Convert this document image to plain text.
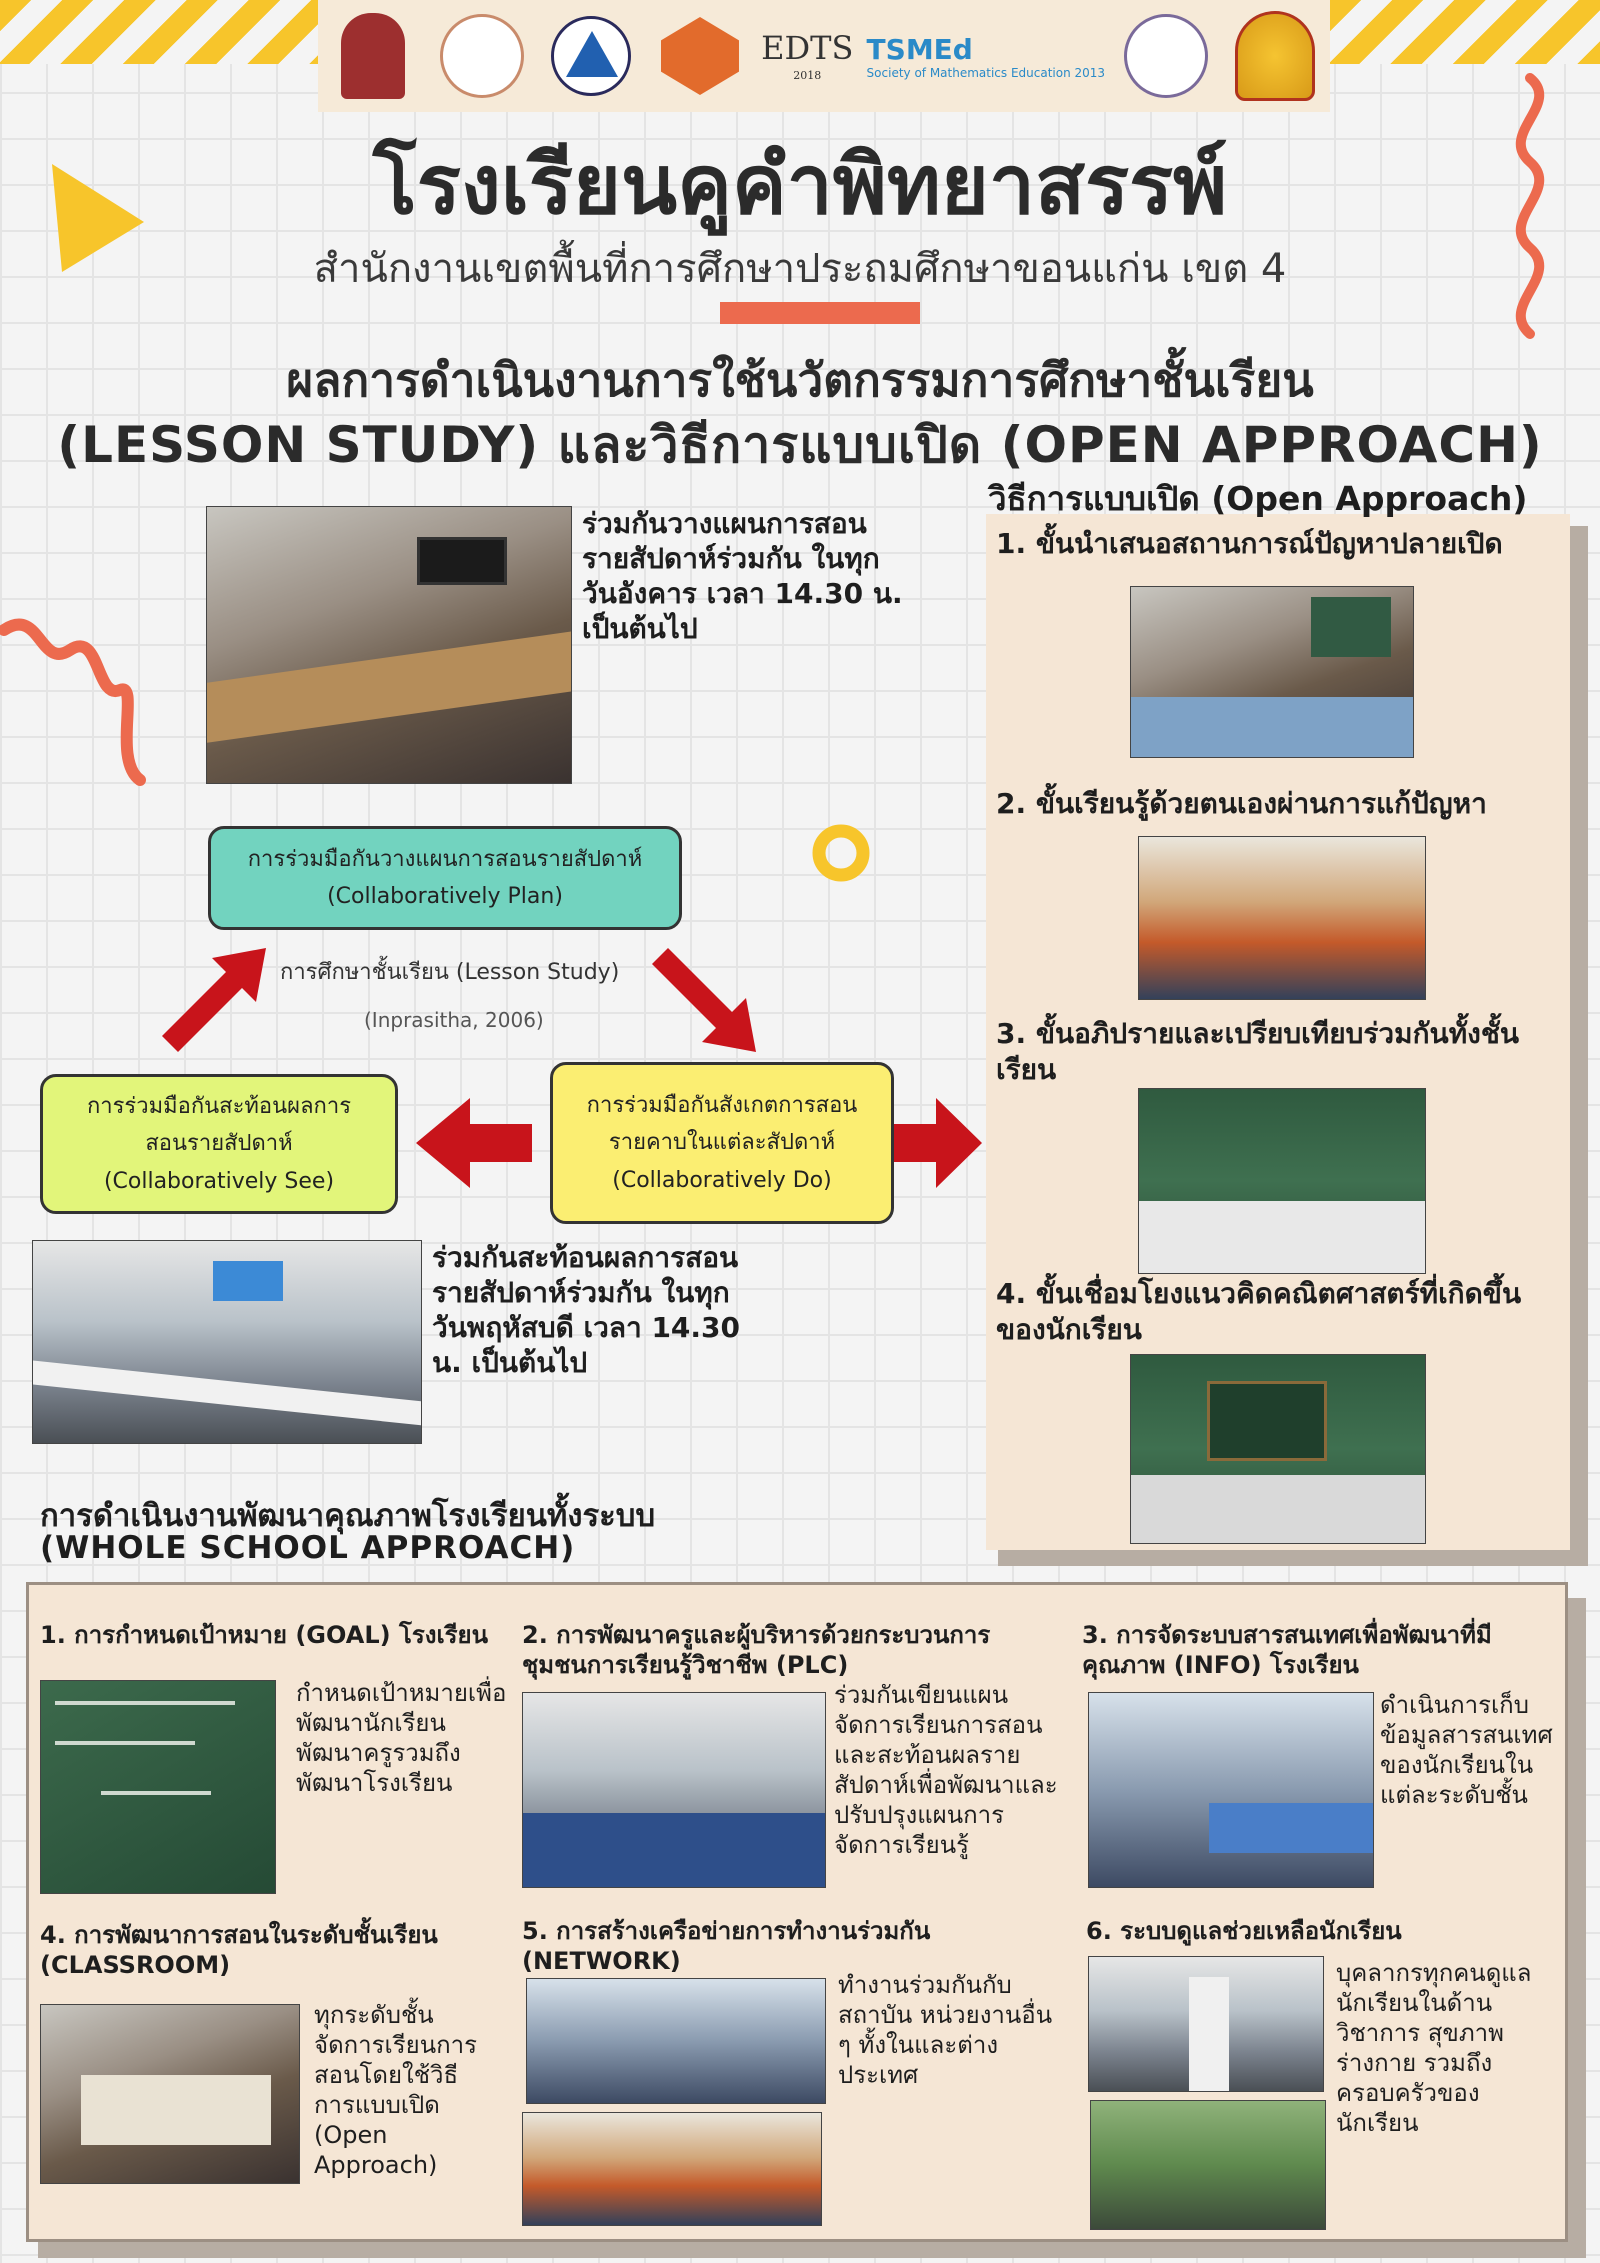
EDTS
2018
TSMEd
Society of Mathematics Education 2013
โรงเรียนคูคำพิทยาสรรพ์
สำนักงานเขตพื้นที่การศึกษาประถมศึกษาขอนแก่น เขต 4
ผลการดำเนินงานการใช้นวัตกรรมการศึกษาชั้นเรียน
(LESSON STUDY) และวิธีการแบบเปิด (OPEN APPROACH)
ร่วมกันวางแผนการสอนรายสัปดาห์ร่วมกัน ในทุกวันอังคาร เวลา 14.30 น. เป็นต้นไป
การร่วมมือกันวางแผนการสอนรายสัปดาห์
(Collaboratively Plan)
การศึกษาชั้นเรียน (Lesson Study)
(Inprasitha, 2006)
การร่วมมือกันสะท้อนผลการ
สอนรายสัปดาห์
(Collaboratively See)
การร่วมมือกันสังเกตการสอน
รายคาบในแต่ละสัปดาห์
(Collaboratively Do)
ร่วมกันสะท้อนผลการสอนรายสัปดาห์ร่วมกัน ในทุกวันพฤหัสบดี เวลา 14.30 น. เป็นต้นไป
วิธีการแบบเปิด (Open Approach)
1. ขั้นนำเสนอสถานการณ์ปัญหาปลายเปิด
2. ขั้นเรียนรู้ด้วยตนเองผ่านการแก้ปัญหา
3. ขั้นอภิปรายและเปรียบเทียบร่วมกันทั้งชั้นเรียน
4. ขั้นเชื่อมโยงแนวคิดคณิตศาสตร์ที่เกิดขึ้นของนักเรียน
การดำเนินงานพัฒนาคุณภาพโรงเรียนทั้งระบบ
(WHOLE SCHOOL APPROACH)
1. การกำหนดเป้าหมาย (GOAL) โรงเรียน
กำหนดเป้าหมายเพื่อพัฒนานักเรียน พัฒนาครูรวมถึงพัฒนาโรงเรียน
2. การพัฒนาครูและผู้บริหารด้วยกระบวนการชุมชนการเรียนรู้วิชาชีพ (PLC)
ร่วมกันเขียนแผนจัดการเรียนการสอนและสะท้อนผลรายสัปดาห์เพื่อพัฒนาและปรับปรุงแผนการจัดการเรียนรู้
3. การจัดระบบสารสนเทศเพื่อพัฒนาที่มีคุณภาพ (INFO) โรงเรียน
ดำเนินการเก็บข้อมูลสารสนเทศของนักเรียนในแต่ละระดับชั้น
4. การพัฒนาการสอนในระดับชั้นเรียน (CLASSROOM)
ทุกระดับชั้นจัดการเรียนการสอนโดยใช้วิธีการแบบเปิด (Open Approach)
5. การสร้างเครือข่ายการทำงานร่วมกัน (NETWORK)
ทำงานร่วมกันกับสถาบัน หน่วยงานอื่น ๆ ทั้งในและต่างประเทศ
6. ระบบดูแลช่วยเหลือนักเรียน
บุคลากรทุกคนดูแลนักเรียนในด้านวิชาการ สุขภาพ ร่างกาย รวมถึงครอบครัวของนักเรียน
